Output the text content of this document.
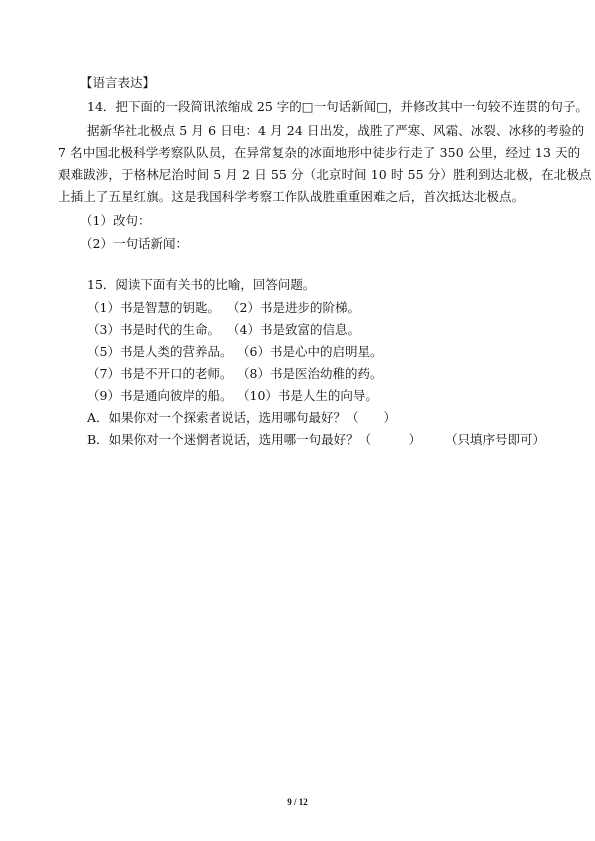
【语言表达】
14．把下面的一段简讯浓缩成 25 字的□一句话新闻□，并修改其中一句较不连贯的句子。
据新华社北极点 5 月 6 日电：4 月 24 日出发，战胜了严寒、风霜、冰裂、冰移的考验的
7 名中国北极科学考察队队员，在异常复杂的冰面地形中徒步行走了 350 公里，经过 13 天的
艰难跋涉，于格林尼治时间 5 月 2 日 55 分（北京时间 10 时 55 分）胜利到达北极，在北极点
上插上了五星红旗。这是我国科学考察工作队战胜重重困难之后，首次抵达北极点。
（1）改句：
（2）一句话新闻：
15．阅读下面有关书的比喻，回答问题。
（1）书是智慧的钥匙。 （2）书是进步的阶梯。
（3）书是时代的生命。 （4）书是致富的信息。
（5）书是人类的营养品。 （6）书是心中的启明星。
（7）书是不开口的老师。 （8）书是医治幼稚的药。
（9）书是通向彼岸的船。 （10）书是人生的向导。
A．如果你对一个探索者说话，选用哪句最好？（　　）
B．如果你对一个迷惘者说话，选用哪一句最好？（　　　） （只填序号即可）
9 / 12
